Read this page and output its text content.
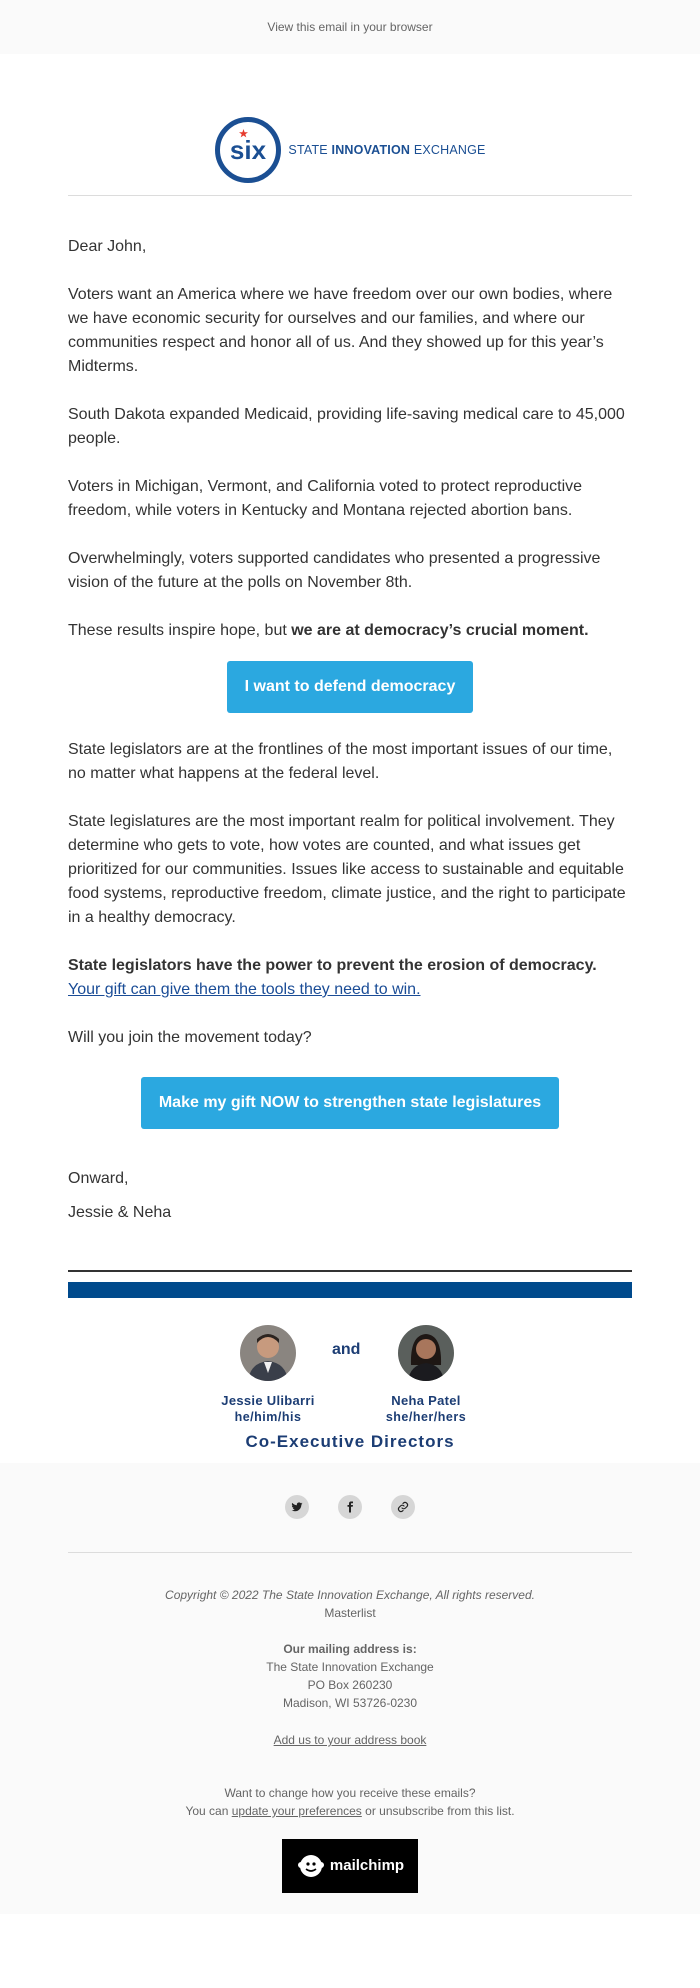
View this email in your browser
six STATE INNOVATION EXCHANGE

Dear John,

Voters want an America where we have freedom over our own bodies, where we have economic security for ourselves and our families, and where our communities respect and honor all of us. And they showed up for this year’s Midterms.

South Dakota expanded Medicaid, providing life-saving medical care to 45,000 people.

Voters in Michigan, Vermont, and California voted to protect reproductive freedom, while voters in Kentucky and Montana rejected abortion bans.

Overwhelmingly, voters supported candidates who presented a progressive vision of the future at the polls on November 8th.

These results inspire hope, but we are at democracy’s crucial moment.

I want to defend democracy

State legislators are at the frontlines of the most important issues of our time, no matter what happens at the federal level.

State legislatures are the most important realm for political involvement. They determine who gets to vote, how votes are counted, and what issues get prioritized for our communities. Issues like access to sustainable and equitable food systems, reproductive freedom, climate justice, and the right to participate in a healthy democracy.

State legislators have the power to prevent the erosion of democracy.
Your gift can give them the tools they need to win.

Will you join the movement today?

Make my gift NOW to strengthen state legislatures

Onward,

Jessie & Neha

and
Jessie Ulibarri
he/him/his
Neha Patel
she/her/hers
Co-Executive Directors
Copyright © 2022 The State Innovation Exchange, All rights reserved.
Masterlist
Our mailing address is:
The State Innovation Exchange
PO Box 260230
Madison, WI 53726-0230
Add us to your address book
Want to change how you receive these emails?
You can update your preferences or unsubscribe from this list.
mailchimp
